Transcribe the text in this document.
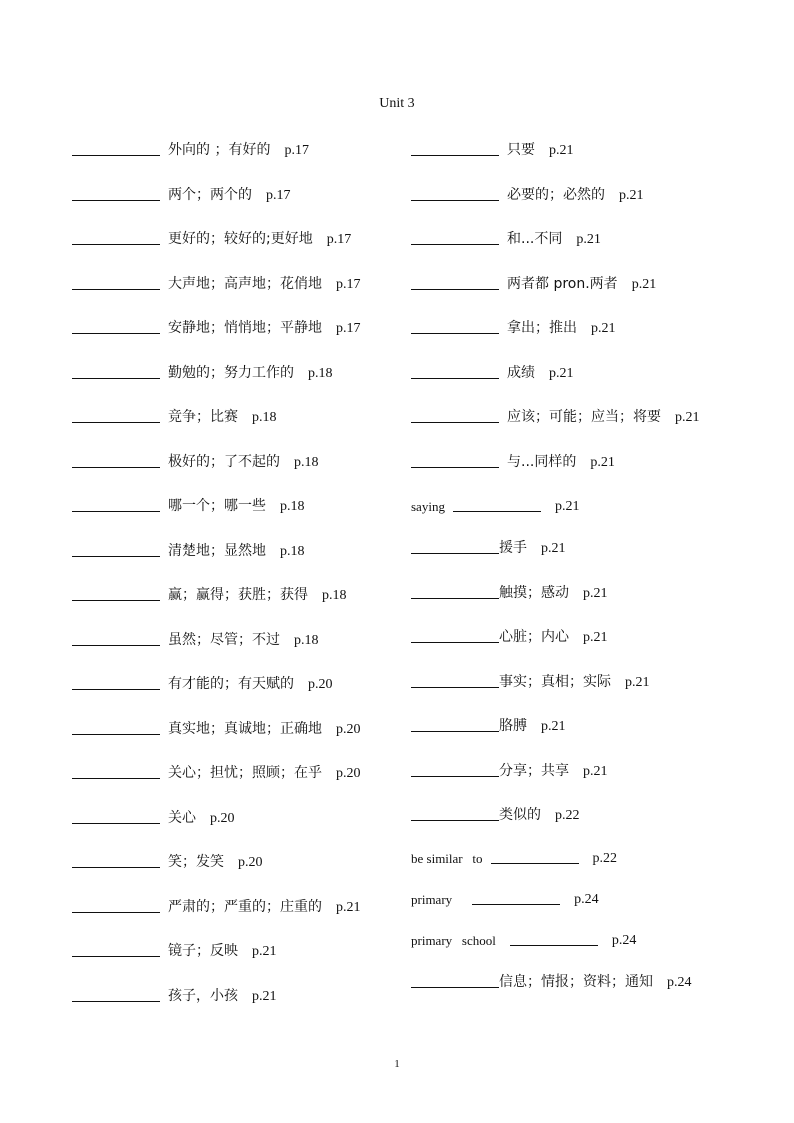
Unit 3
外向的 ；有好的 p.17
两个；两个的 p.17
更好的；较好的;更好地 p.17
大声地；高声地；花俏地 p.17
安静地；悄悄地；平静地 p.17
勤勉的；努力工作的 p.18
竞争；比赛 p.18
极好的；了不起的 p.18
哪一个；哪一些 p.18
清楚地；显然地 p.18
赢；赢得；获胜；获得 p.18
虽然；尽管；不过 p.18
有才能的；有天赋的 p.20
真实地；真诚地；正确地 p.20
关心；担忧；照顾；在乎 p.20
关心 p.20
笑；发笑 p.20
严肃的；严重的；庄重的 p.21
镜子；反映 p.21
孩子，小孩 p.21
只要 p.21
必要的；必然的 p.21
和...不同 p.21
两者都 pron.两者 p.21
拿出；推出 p.21
成绩 p.21
应该；可能；应当；将要 p.21
与...同样的 p.21
saying	p.21
援手 p.21
触摸；感动 p.21
心脏；内心 p.21
事实；真相；实际 p.21
胳膊 p.21
分享；共享 p.21
类似的 p.22
be similar   to	p.22
primary	p.24
primary   school	p.24
信息；情报；资料；通知 p.24
1
